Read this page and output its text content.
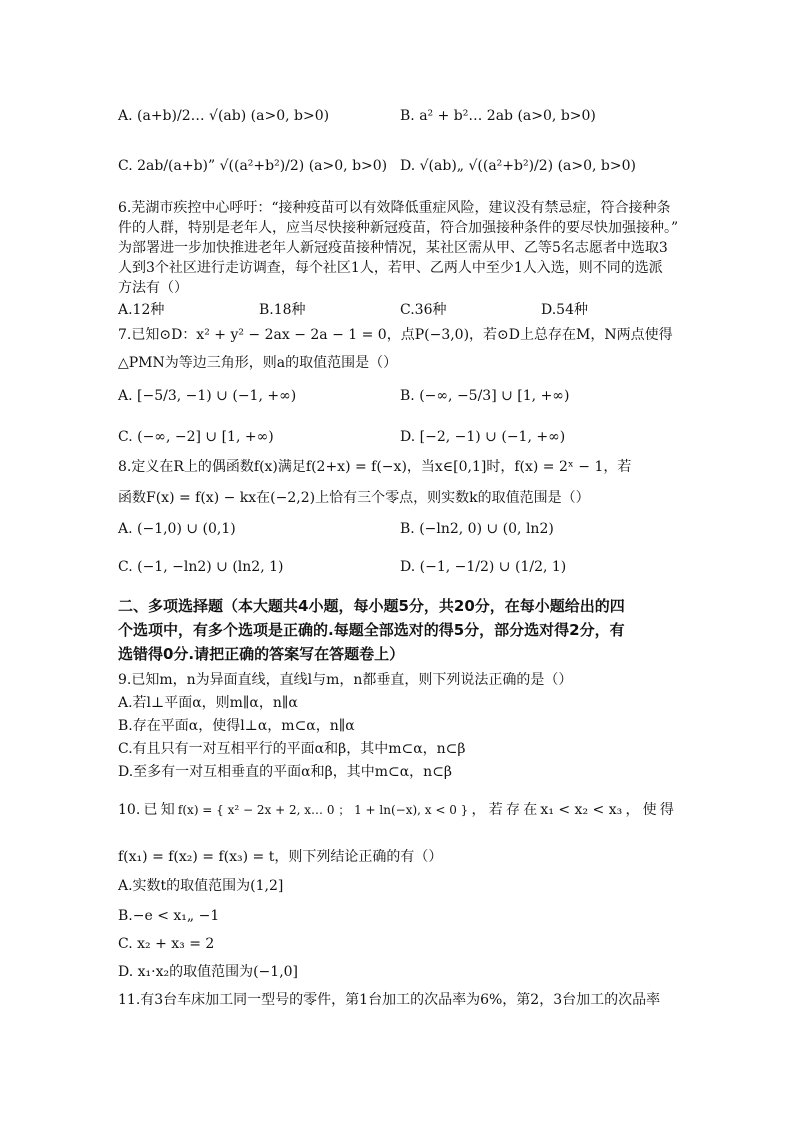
A. (a+b)/2… √(ab) (a>0, b>0)	B. a² + b²… 2ab (a>0, b>0)
C. 2ab/(a+b)” √((a²+b²)/2) (a>0, b>0) D. √(ab)„ √((a²+b²)/2) (a>0, b>0)
6.芜湖市疾控中心呼吁：“接种疫苗可以有效降低重症风险，建议没有禁忌症，符合接种条
件的人群，特别是老年人，应当尽快接种新冠疫苗，符合加强接种条件的要尽快加强接种。”
为部署进一步加快推进老年人新冠疫苗接种情况，某社区需从甲、乙等5名志愿者中选取3
人到3个社区进行走访调查，每个社区1人，若甲、乙两人中至少1人入选，则不同的选派
方法有（）
A.12种	B.18种	C.36种	D.54种
7.已知⊙D：x² + y² − 2ax − 2a − 1 = 0，点P(−3,0)，若⊙D上总存在M，N两点使得
△PMN为等边三角形，则a的取值范围是（）
A. [−5/3, −1) ∪ (−1, +∞)	B. (−∞, −5/3] ∪ [1, +∞)
C. (−∞, −2] ∪ [1, +∞)	D. [−2, −1) ∪ (−1, +∞)
8.定义在R上的偶函数f(x)满足f(2+x) = f(−x)，当x∈[0,1]时，f(x) = 2ˣ − 1，若
函数F(x) = f(x) − kx在(−2,2)上恰有三个零点，则实数k的取值范围是（）
A. (−1,0) ∪ (0,1)	B. (−ln2, 0) ∪ (0, ln2)
C. (−1, −ln2) ∪ (ln2, 1)	D. (−1, −1/2) ∪ (1/2, 1)
二、多项选择题（本大题共4小题，每小题5分，共20分，在每小题给出的四
个选项中，有多个选项是正确的.每题全部选对的得5分，部分选对得2分，有
选错得0分.请把正确的答案写在答题卷上）
9.已知m，n为异面直线，直线l与m，n都垂直，则下列说法正确的是（）
A.若l⊥平面α，则m∥α，n∥α
B.存在平面α，使得l⊥α，m⊂α，n∥α
C.有且只有一对互相平行的平面α和β，其中m⊂α，n⊂β
D.至多有一对互相垂直的平面α和β，其中m⊂α，n⊂β
10. 已 知 f(x) = { x² − 2x + 2, x… 0 ； 1 + ln(−x), x < 0 } ， 若 存 在 x₁ < x₂ < x₃ ， 使 得
f(x₁) = f(x₂) = f(x₃) = t，则下列结论正确的有（）
A.实数t的取值范围为(1,2]
B.−e < x₁„ −1
C. x₂ + x₃ = 2
D. x₁·x₂的取值范围为(−1,0]
11.有3台车床加工同一型号的零件，第1台加工的次品率为6%，第2，3台加工的次品率
